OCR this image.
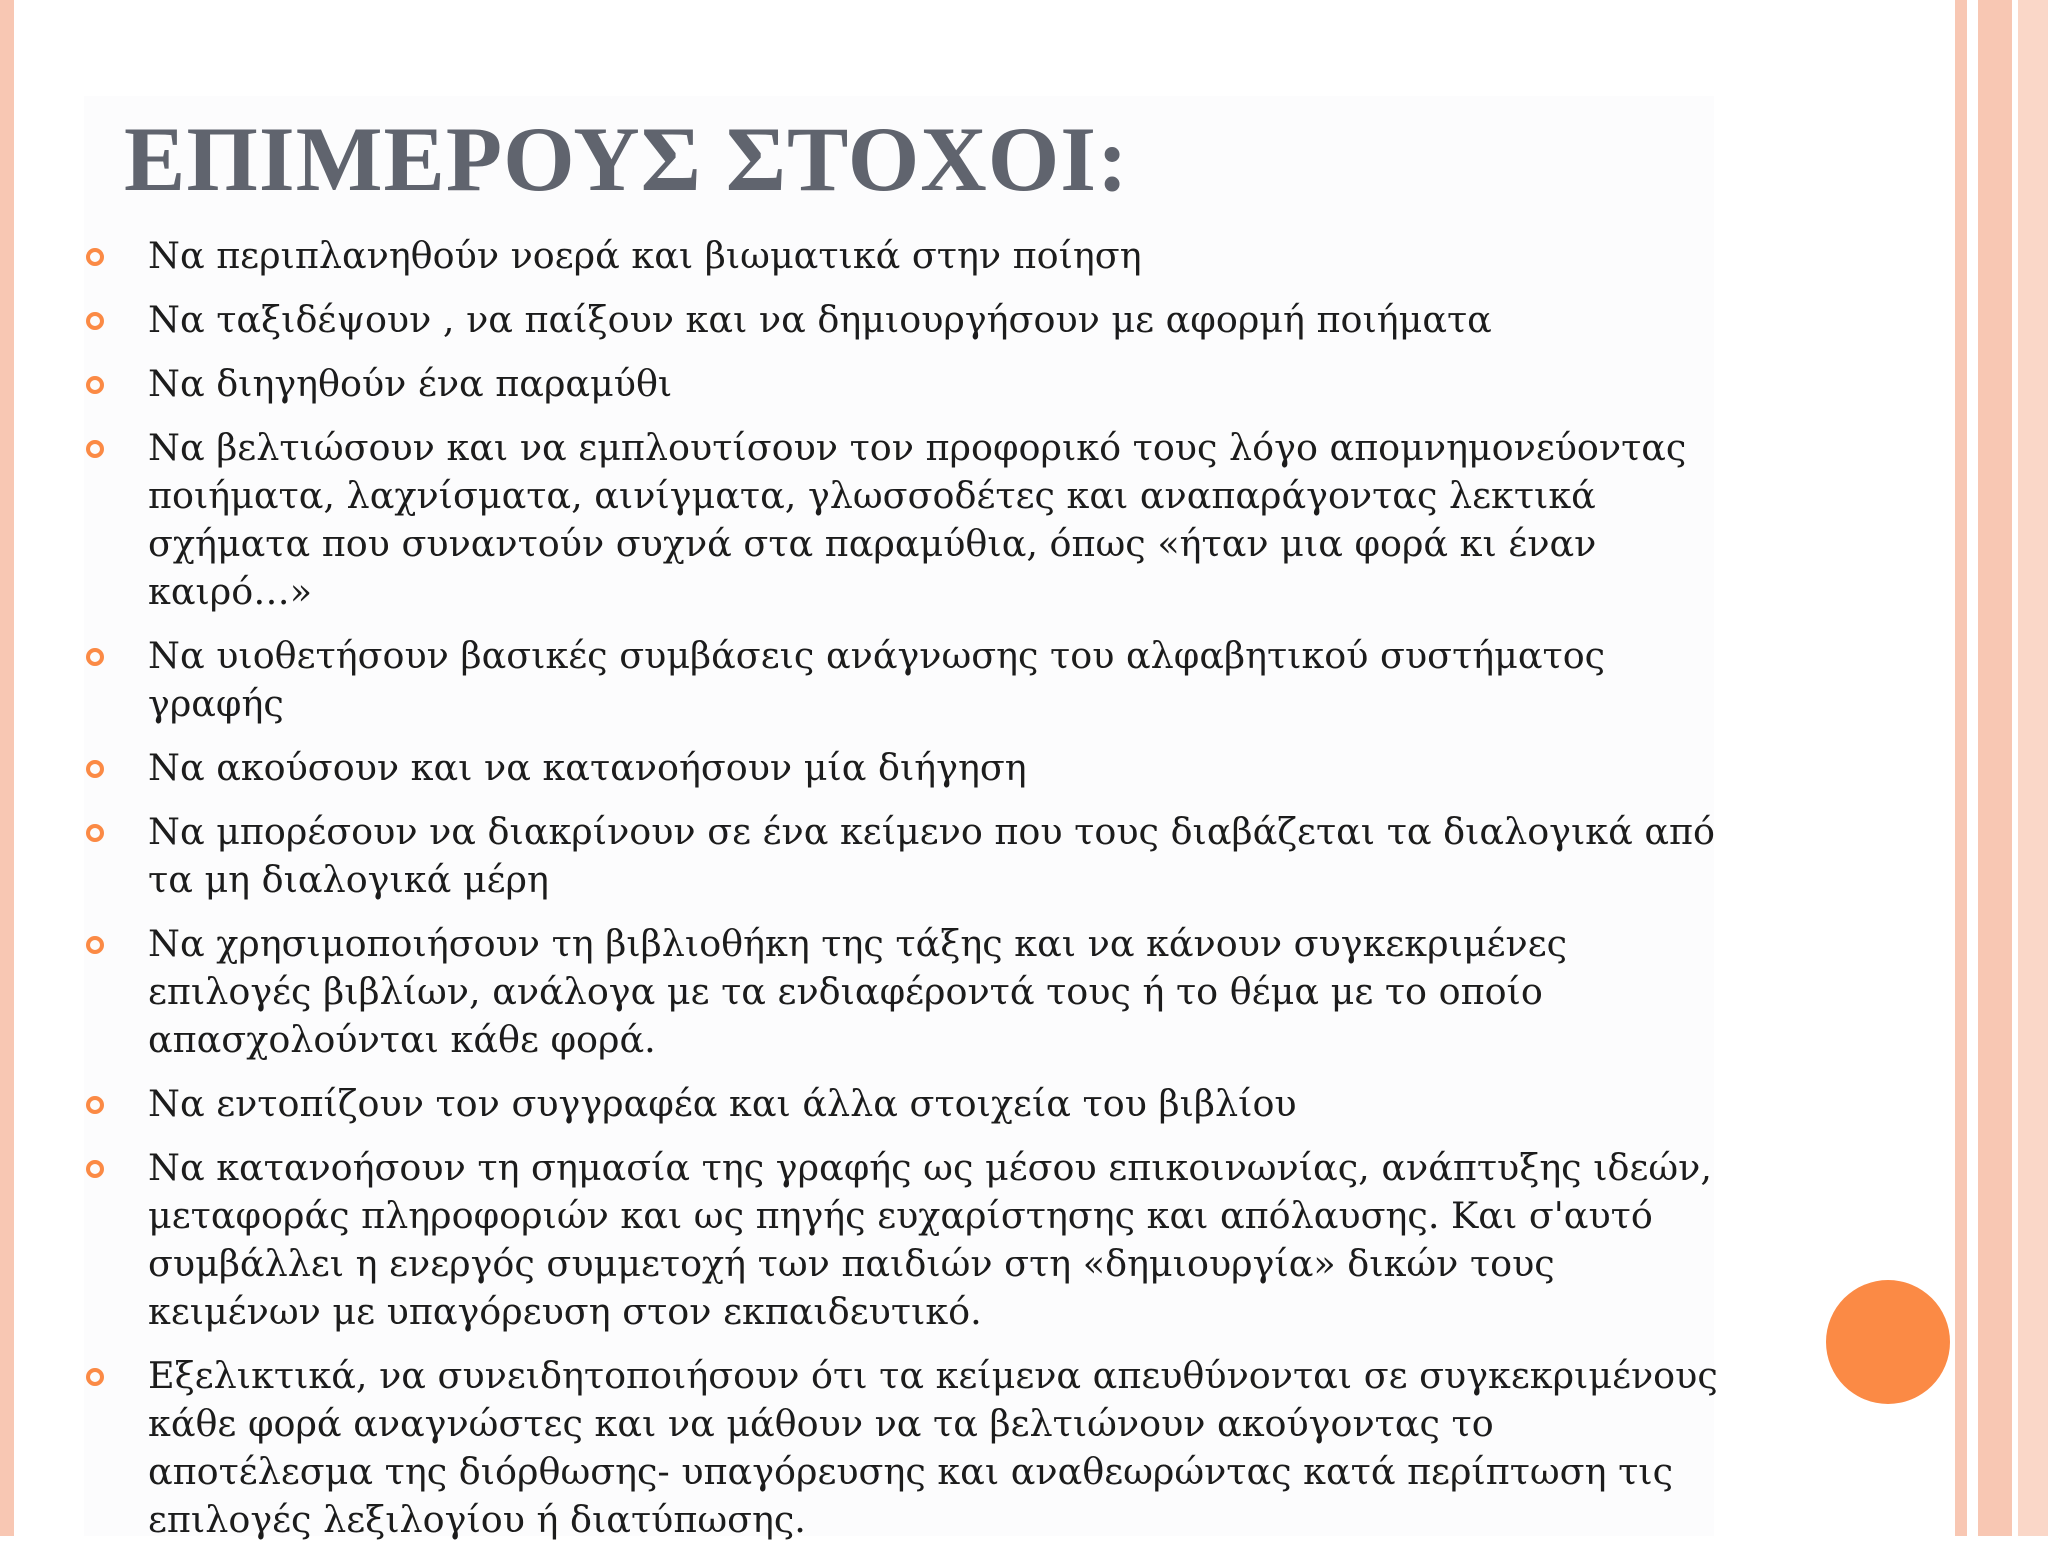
ΕΠΙΜΕΡΟΥΣ ΣΤΟΧΟΙ:
Να περιπλανηθούν νοερά και βιωματικά στην ποίηση
Να ταξιδέψουν , να παίξουν και να δημιουργήσουν με αφορμή ποιήματα
Να διηγηθούν ένα παραμύθι
Να βελτιώσουν και να εμπλουτίσουν τον προφορικό τους λόγο απομνημονεύοντας ποιήματα, λαχνίσματα, αινίγματα, γλωσσοδέτες και αναπαράγοντας λεκτικά σχήματα που συναντούν συχνά στα παραμύθια, όπως «ήταν μια φορά κι έναν καιρό…»
Να υιοθετήσουν βασικές συμβάσεις ανάγνωσης του αλφαβητικού συστήματος γραφής
Να ακούσουν και να κατανοήσουν μία διήγηση
Να μπορέσουν να διακρίνουν σε ένα κείμενο που τους διαβάζεται τα διαλογικά από τα μη διαλογικά μέρη
Να χρησιμοποιήσουν τη βιβλιοθήκη της τάξης και να κάνουν συγκεκριμένες επιλογές βιβλίων, ανάλογα με τα ενδιαφέροντά τους ή το θέμα με το οποίο απασχολούνται κάθε φορά.
Να εντοπίζουν τον συγγραφέα και άλλα στοιχεία του βιβλίου
Να κατανοήσουν τη σημασία της γραφής ως μέσου επικοινωνίας, ανάπτυξης ιδεών, μεταφοράς πληροφοριών και ως πηγής ευχαρίστησης και απόλαυσης. Και σ'αυτό συμβάλλει η ενεργός συμμετοχή των παιδιών στη «δημιουργία» δικών τους κειμένων με υπαγόρευση στον εκπαιδευτικό.
Εξελικτικά, να συνειδητοποιήσουν ότι τα κείμενα απευθύνονται σε συγκεκριμένους κάθε φορά αναγνώστες και να μάθουν να τα βελτιώνουν ακούγοντας το αποτέλεσμα της διόρθωσης- υπαγόρευσης και αναθεωρώντας κατά περίπτωση τις επιλογές λεξιλογίου ή διατύπωσης.
